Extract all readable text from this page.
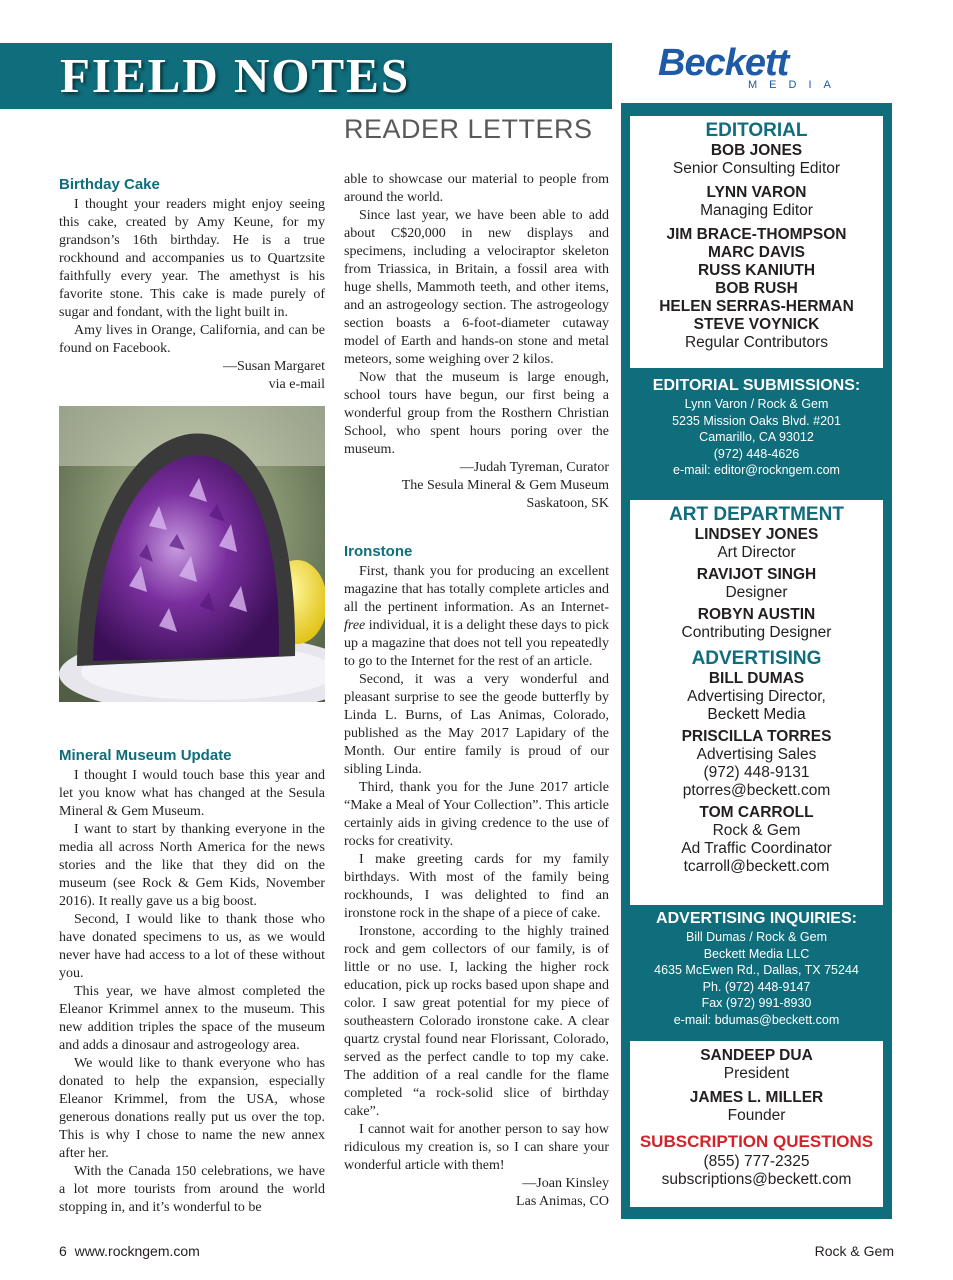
FIELD NOTES	Beckett
MEDIA
READER LETTERS
Birthday Cake

I thought your readers might enjoy seeing this cake, created by Amy Keune, for my grandson’s 16th birthday. He is a true rockhound and accompanies us to Quartzsite faithfully every year. The amethyst is his favorite stone. This cake is made purely of sugar and fondant, with the light built in.

Amy lives in Orange, California, and can be found on Facebook.

—Susan Margaret

via e-mail

Mineral Museum Update

I thought I would touch base this year and let you know what has changed at the Sesula Mineral & Gem Museum.

I want to start by thanking everyone in the media all across North America for the news stories and the like that they did on the museum (see Rock & Gem Kids, November 2016). It really gave us a big boost.

Second, I would like to thank those who have donated specimens to us, as we would never have had access to a lot of these without you.

This year, we have almost completed the Eleanor Krimmel annex to the museum. This new addition triples the space of the museum and adds a dinosaur and astrogeology area.

We would like to thank everyone who has donated to help the expansion, especially Eleanor Krimmel, from the USA, whose generous donations really put us over the top. This is why I chose to name the new annex after her.

With the Canada 150 celebrations, we have a lot more tourists from around the world stopping in, and it’s wonderful to be

able to showcase our material to people from around the world.

Since last year, we have been able to add about C$20,000 in new displays and specimens, including a velociraptor skeleton from Triassica, in Britain, a fossil area with huge shells, Mammoth teeth, and other items, and an astrogeology section. The astrogeology section boasts a 6-foot-diameter cutaway model of Earth and hands-on stone and metal meteors, some weighing over 2 kilos.

Now that the museum is large enough, school tours have begun, our first being a wonderful group from the Rosthern Christian School, who spent hours poring over the museum.

—Judah Tyreman, Curator

The Sesula Mineral & Gem Museum

Saskatoon, SK

Ironstone

First, thank you for producing an excellent magazine that has totally complete articles and all the pertinent information. As an Internet-free individual, it is a delight these days to pick up a magazine that does not tell you repeatedly to go to the Internet for the rest of an article.

Second, it was a very wonderful and pleasant surprise to see the geode butterfly by Linda L. Burns, of Las Animas, Colorado, published as the May 2017 Lapidary of the Month. Our entire family is proud of our sibling Linda.

Third, thank you for the June 2017 article “Make a Meal of Your Collection”. This article certainly aids in giving credence to the use of rocks for creativity.

I make greeting cards for my family birthdays. With most of the family being rockhounds, I was delighted to find an ironstone rock in the shape of a piece of cake.

Ironstone, according to the highly trained rock and gem collectors of our family, is of little or no use. I, lacking the higher rock education, pick up rocks based upon shape and color. I saw great potential for my piece of southeastern Colorado ironstone cake. A clear quartz crystal found near Florissant, Colorado, served as the perfect candle to top my cake. The addition of a real candle for the flame completed “a rock-solid slice of birthday cake”.

I cannot wait for another person to say how ridiculous my creation is, so I can share your wonderful article with them!

—Joan Kinsley

Las Animas, CO

EDITORIAL
BOB JONES
Senior Consulting Editor
LYNN VARON
Managing Editor
JIM BRACE-THOMPSON
MARC DAVIS
RUSS KANIUTH
BOB RUSH
HELEN SERRAS-HERMAN
STEVE VOYNICK
Regular Contributors
EDITORIAL SUBMISSIONS:
Lynn Varon / Rock & Gem
5235 Mission Oaks Blvd. #201
Camarillo, CA 93012
(972) 448-4626
e-mail: editor@rockngem.com
ART DEPARTMENT
LINDSEY JONES
Art Director
RAVIJOT SINGH
Designer
ROBYN AUSTIN
Contributing Designer
ADVERTISING
BILL DUMAS
Advertising Director,
Beckett Media
PRISCILLA TORRES
Advertising Sales
(972) 448-9131
ptorres@beckett.com
TOM CARROLL
Rock & Gem
Ad Traffic Coordinator
tcarroll@beckett.com
ADVERTISING INQUIRIES:
Bill Dumas / Rock & Gem
Beckett Media LLC
4635 McEwen Rd., Dallas, TX 75244
Ph. (972) 448-9147
Fax (972) 991-8930
e-mail: bdumas@beckett.com
SANDEEP DUA
President
JAMES L. MILLER
Founder
SUBSCRIPTION QUESTIONS
(855) 777-2325
subscriptions@beckett.com
6 www.rockngem.com	Rock & Gem
